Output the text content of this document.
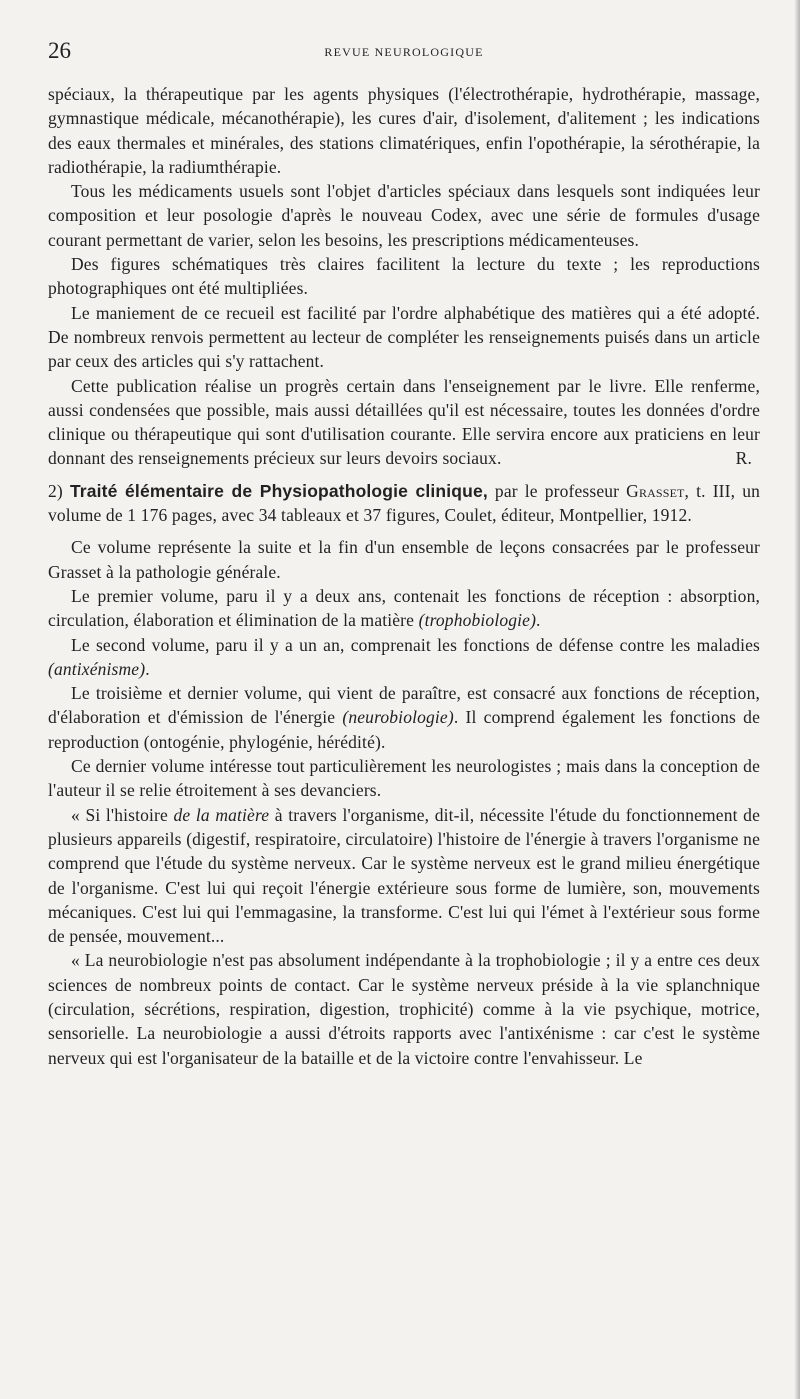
26	REVUE NEUROLOGIQUE

spéciaux, la thérapeutique par les agents physiques (l'électrothérapie, hydrothérapie, massage, gymnastique médicale, mécanothérapie), les cures d'air, d'isolement, d'alitement ; les indications des eaux thermales et minérales, des stations climatériques, enfin l'opothérapie, la sérothérapie, la radiothérapie, la radiumthérapie.

Tous les médicaments usuels sont l'objet d'articles spéciaux dans lesquels sont indiquées leur composition et leur posologie d'après le nouveau Codex, avec une série de formules d'usage courant permettant de varier, selon les besoins, les prescriptions médicamenteuses.

Des figures schématiques très claires facilitent la lecture du texte ; les reproductions photographiques ont été multipliées.

Le maniement de ce recueil est facilité par l'ordre alphabétique des matières qui a été adopté. De nombreux renvois permettent au lecteur de compléter les renseignements puisés dans un article par ceux des articles qui s'y rattachent.

Cette publication réalise un progrès certain dans l'enseignement par le livre. Elle renferme, aussi condensées que possible, mais aussi détaillées qu'il est nécessaire, toutes les données d'ordre clinique ou thérapeutique qui sont d'utilisation courante. Elle servira encore aux praticiens en leur donnant des renseignements précieux sur leurs devoirs sociaux.	R.

2) Traité élémentaire de Physiopathologie clinique, par le professeur Grasset, t. III, un volume de 1 176 pages, avec 34 tableaux et 37 figures, Coulet, éditeur, Montpellier, 1912.

Ce volume représente la suite et la fin d'un ensemble de leçons consacrées par le professeur Grasset à la pathologie générale.

Le premier volume, paru il y a deux ans, contenait les fonctions de réception : absorption, circulation, élaboration et élimination de la matière (trophobiologie).

Le second volume, paru il y a un an, comprenait les fonctions de défense contre les maladies (antixénisme).

Le troisième et dernier volume, qui vient de paraître, est consacré aux fonctions de réception, d'élaboration et d'émission de l'énergie (neurobiologie). Il comprend également les fonctions de reproduction (ontogénie, phylogénie, hérédité).

Ce dernier volume intéresse tout particulièrement les neurologistes ; mais dans la conception de l'auteur il se relie étroitement à ses devanciers.

« Si l'histoire de la matière à travers l'organisme, dit-il, nécessite l'étude du fonctionnement de plusieurs appareils (digestif, respiratoire, circulatoire) l'histoire de l'énergie à travers l'organisme ne comprend que l'étude du système nerveux. Car le système nerveux est le grand milieu énergétique de l'organisme. C'est lui qui reçoit l'énergie extérieure sous forme de lumière, son, mouvements mécaniques. C'est lui qui l'emmagasine, la transforme. C'est lui qui l'émet à l'extérieur sous forme de pensée, mouvement...

« La neurobiologie n'est pas absolument indépendante à la trophobiologie ; il y a entre ces deux sciences de nombreux points de contact. Car le système nerveux préside à la vie splanchnique (circulation, sécrétions, respiration, digestion, trophicité) comme à la vie psychique, motrice, sensorielle. La neurobiologie a aussi d'étroits rapports avec l'antixénisme : car c'est le système nerveux qui est l'organisateur de la bataille et de la victoire contre l'envahisseur. Le
